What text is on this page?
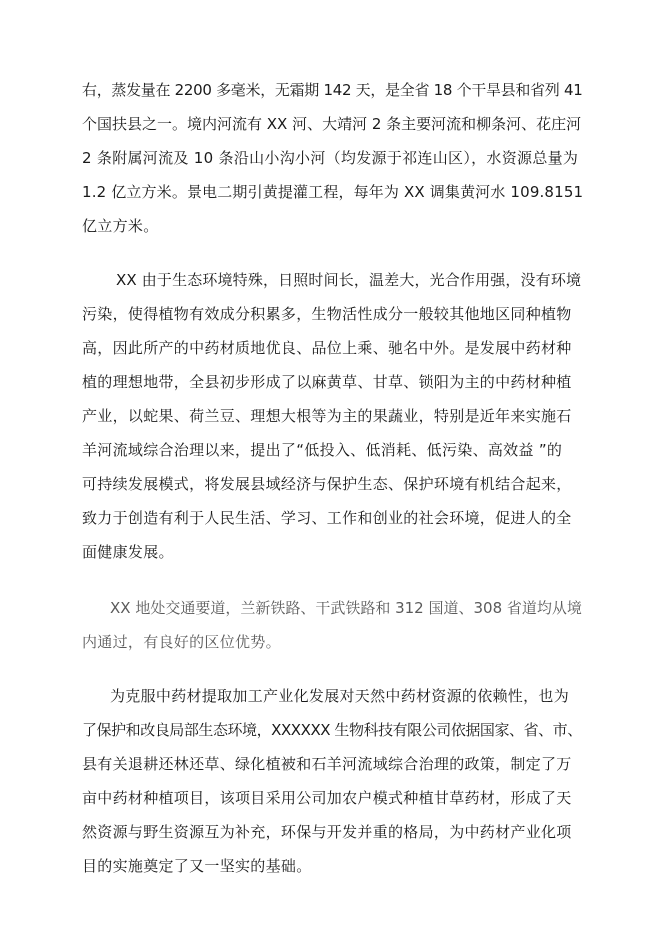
右，蒸发量在 2200 多毫米，无霜期 142 天，是全省 18 个干旱县和省列 41
个国扶县之一。境内河流有 XX 河、大靖河 2 条主要河流和柳条河、花庄河
2 条附属河流及 10 条沿山小沟小河（均发源于祁连山区），水资源总量为
1.2 亿立方米。景电二期引黄提灌工程，每年为 XX 调集黄河水 109.8151
亿立方米。
XX 由于生态环境特殊，日照时间长，温差大，光合作用强，没有环境
污染，使得植物有效成分积累多，生物活性成分一般较其他地区同种植物
高，因此所产的中药材质地优良、品位上乘、驰名中外。是发展中药材种
植的理想地带，全县初步形成了以麻黄草、甘草、锁阳为主的中药材种植
产业，以蛇果、荷兰豆、理想大根等为主的果蔬业，特别是近年来实施石
羊河流域综合治理以来，提出了“低投入、低消耗、低污染、高效益 ”的
可持续发展模式，将发展县域经济与保护生态、保护环境有机结合起来，
致力于创造有利于人民生活、学习、工作和创业的社会环境，促进人的全
面健康发展。
XX 地处交通要道，兰新铁路、干武铁路和 312 国道、308 省道均从境
内通过，有良好的区位优势。
为克服中药材提取加工产业化发展对天然中药材资源的依赖性，也为
了保护和改良局部生态环境，XXXXXX 生物科技有限公司依据国家、省、市、
县有关退耕还林还草、绿化植被和石羊河流域综合治理的政策，制定了万
亩中药材种植项目，该项目采用公司加农户模式种植甘草药材，形成了天
然资源与野生资源互为补充，环保与开发并重的格局，为中药材产业化项
目的实施奠定了又一坚实的基础。
